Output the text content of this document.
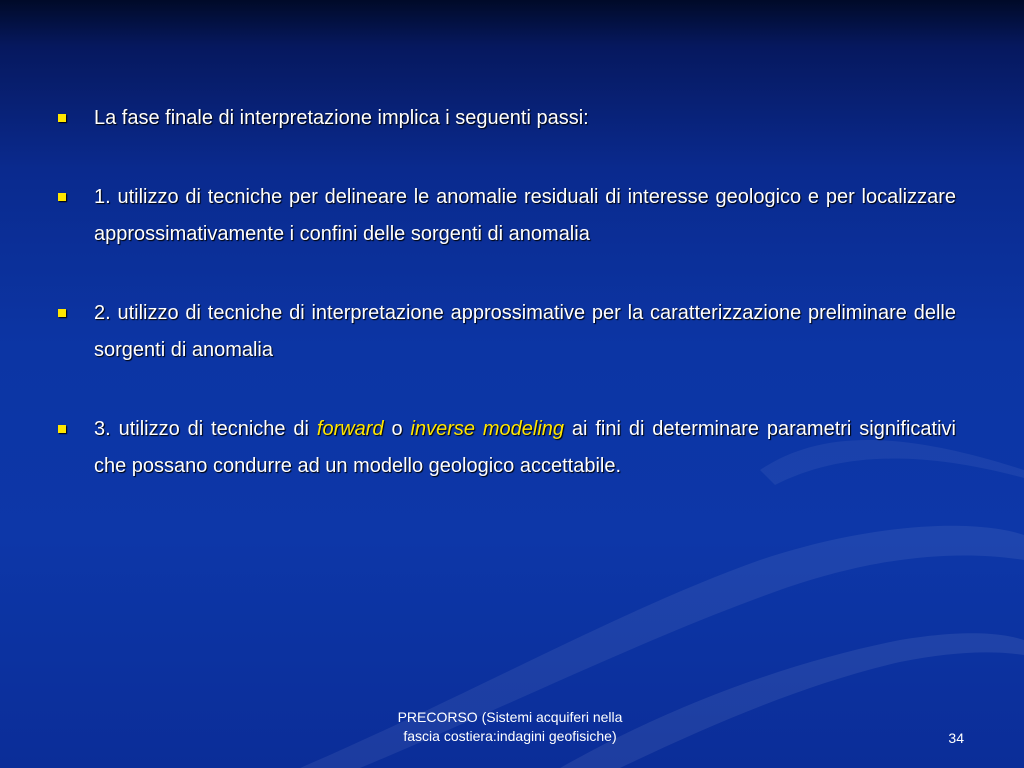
La fase finale di interpretazione implica i seguenti passi:
1. utilizzo di tecniche per delineare le anomalie residuali di interesse geologico e per localizzare approssimativamente i confini delle sorgenti di anomalia
2. utilizzo di tecniche di interpretazione approssimative per la caratterizzazione preliminare delle sorgenti di anomalia
3. utilizzo di tecniche di forward o inverse modeling ai fini di determinare parametri significativi che possano condurre ad un modello geologico accettabile.
PRECORSO (Sistemi acquiferi nella
fascia costiera:indagini geofisiche)	34
